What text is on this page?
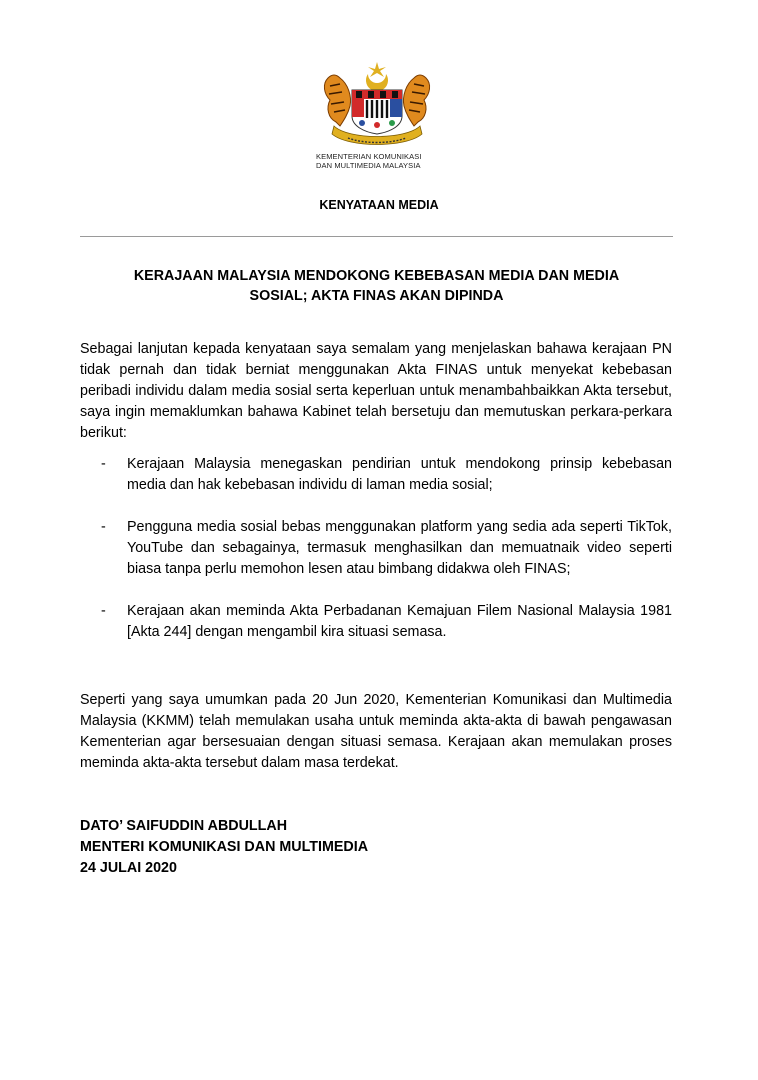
KEMENTERIAN KOMUNIKASI
DAN MULTIMEDIA MALAYSIA
KENYATAAN MEDIA
KERAJAAN MALAYSIA MENDOKONG KEBEBASAN MEDIA DAN MEDIA
SOSIAL; AKTA FINAS AKAN DIPINDA
Sebagai lanjutan kepada kenyataan saya semalam yang menjelaskan bahawa kerajaan PN tidak pernah dan tidak berniat menggunakan Akta FINAS untuk menyekat kebebasan peribadi individu dalam media sosial serta keperluan untuk menambahbaikkan Akta tersebut, saya ingin memaklumkan bahawa Kabinet telah bersetuju dan memutuskan perkara-perkara berikut:
- Kerajaan Malaysia menegaskan pendirian untuk mendokong prinsip kebebasan media dan hak kebebasan individu di laman media sosial;
- Pengguna media sosial bebas menggunakan platform yang sedia ada seperti TikTok, YouTube dan sebagainya, termasuk menghasilkan dan memuatnaik video seperti biasa tanpa perlu memohon lesen atau bimbang didakwa oleh FINAS;
- Kerajaan akan meminda Akta Perbadanan Kemajuan Filem Nasional Malaysia 1981 [Akta 244] dengan mengambil kira situasi semasa.
Seperti yang saya umumkan pada 20 Jun 2020, Kementerian Komunikasi dan Multimedia Malaysia (KKMM) telah memulakan usaha untuk meminda akta-akta di bawah pengawasan Kementerian agar bersesuaian dengan situasi semasa. Kerajaan akan memulakan proses meminda akta-akta tersebut dalam masa terdekat.
DATO’ SAIFUDDIN ABDULLAH
MENTERI KOMUNIKASI DAN MULTIMEDIA
24 JULAI 2020
